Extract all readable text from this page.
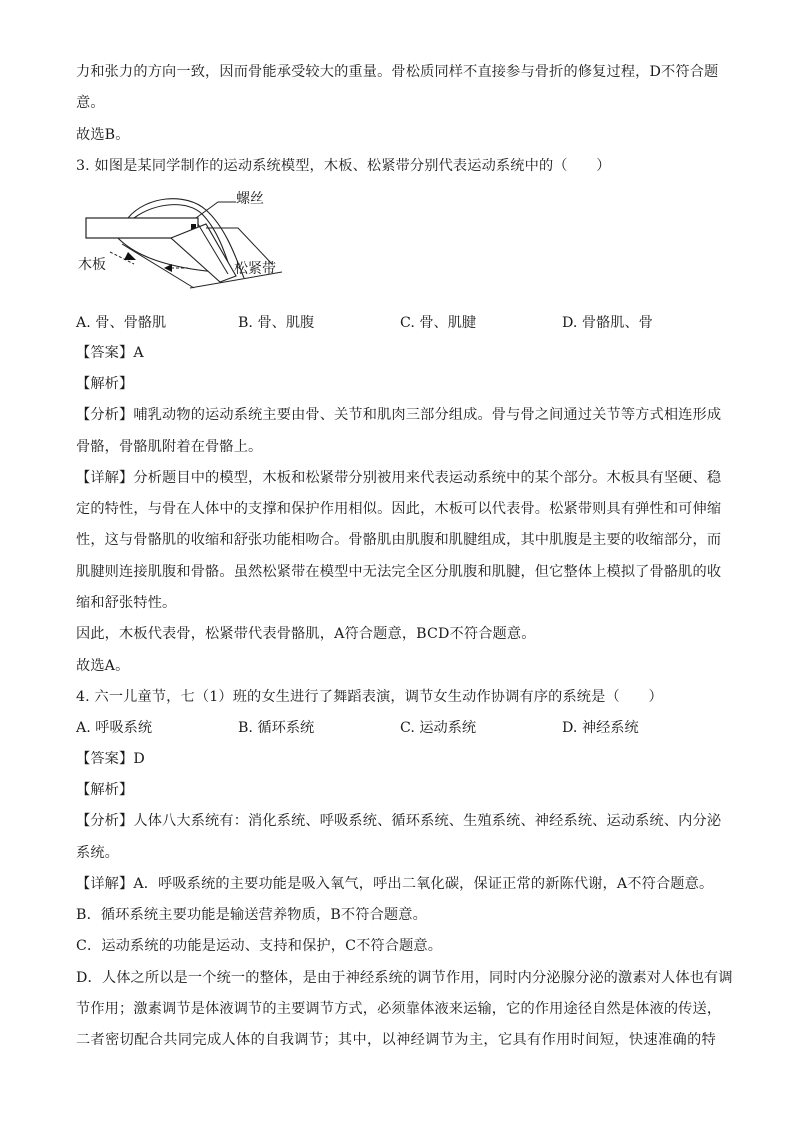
力和张力的方向一致，因而骨能承受较大的重量。骨松质同样不直接参与骨折的修复过程，D不符合题
意。
故选B。
3. 如图是某同学制作的运动系统模型，木板、松紧带分别代表运动系统中的（　　）
螺丝
木板	松紧带
A. 骨、骨骼肌	B. 骨、肌腹	C. 骨、肌腱	D. 骨骼肌、骨
【答案】A
【解析】
【分析】哺乳动物的运动系统主要由骨、关节和肌肉三部分组成。骨与骨之间通过关节等方式相连形成
骨骼，骨骼肌附着在骨骼上。
【详解】分析题目中的模型，木板和松紧带分别被用来代表运动系统中的某个部分。木板具有坚硬、稳
定的特性，与骨在人体中的支撑和保护作用相似。因此，木板可以代表骨。松紧带则具有弹性和可伸缩
性，这与骨骼肌的收缩和舒张功能相吻合。骨骼肌由肌腹和肌腱组成，其中肌腹是主要的收缩部分，而
肌腱则连接肌腹和骨骼。虽然松紧带在模型中无法完全区分肌腹和肌腱，但它整体上模拟了骨骼肌的收
缩和舒张特性。
因此，木板代表骨，松紧带代表骨骼肌，A符合题意，BCD不符合题意。
故选A。
4. 六一儿童节，七（1）班的女生进行了舞蹈表演，调节女生动作协调有序的系统是（　　）
A. 呼吸系统	B. 循环系统	C. 运动系统	D. 神经系统
【答案】D
【解析】
【分析】人体八大系统有：消化系统、呼吸系统、循环系统、生殖系统、神经系统、运动系统、内分泌
系统。
【详解】A．呼吸系统的主要功能是吸入氧气，呼出二氧化碳，保证正常的新陈代谢，A不符合题意。
B．循环系统主要功能是输送营养物质，B不符合题意。
C．运动系统的功能是运动、支持和保护，C不符合题意。
D．人体之所以是一个统一的整体，是由于神经系统的调节作用，同时内分泌腺分泌的激素对人体也有调
节作用；激素调节是体液调节的主要调节方式，必须靠体液来运输，它的作用途径自然是体液的传送，
二者密切配合共同完成人体的自我调节；其中，以神经调节为主，它具有作用时间短，快速准确的特
